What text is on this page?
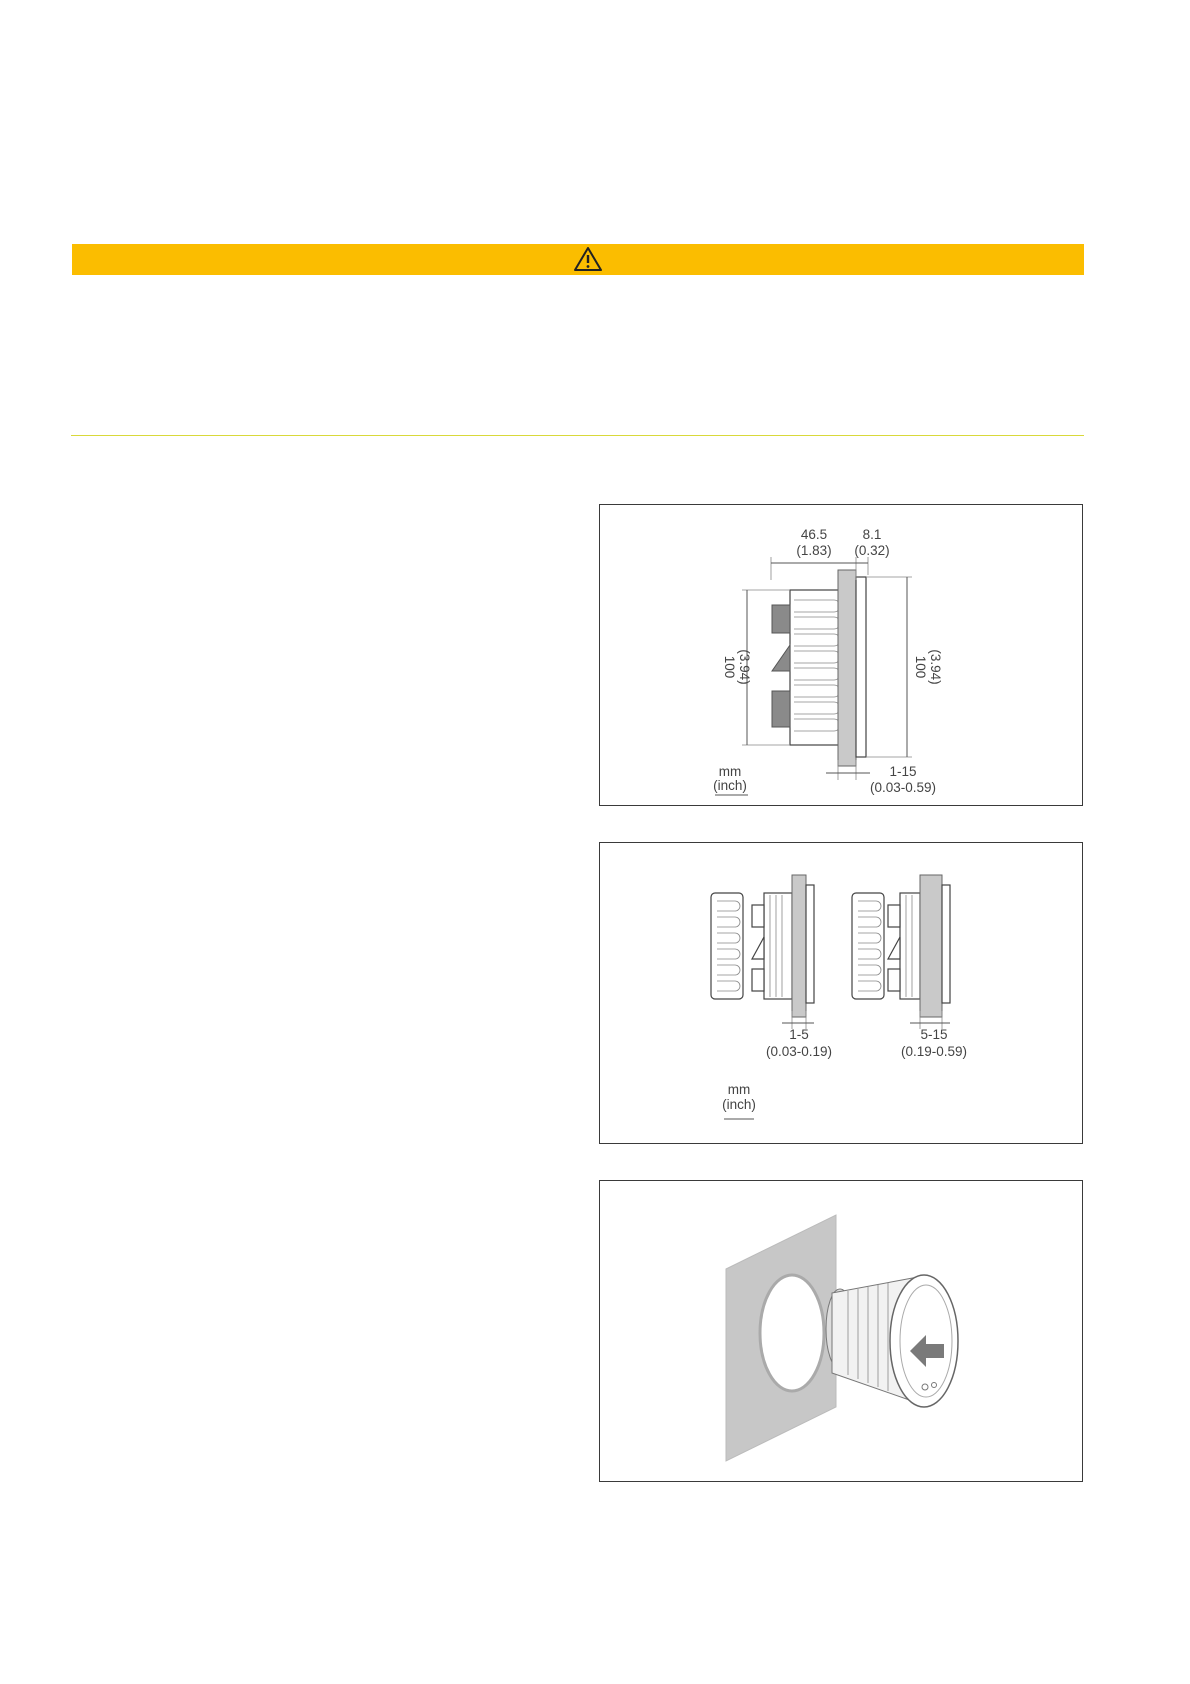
46.5
(1.83)
8.1
(0.32)
100 (3.94)	100 (3.94)
1-15
(0.03-0.59)
mm
(inch)
1-5
(0.03-0.19)
5-15
(0.19-0.59)
mm
(inch)
